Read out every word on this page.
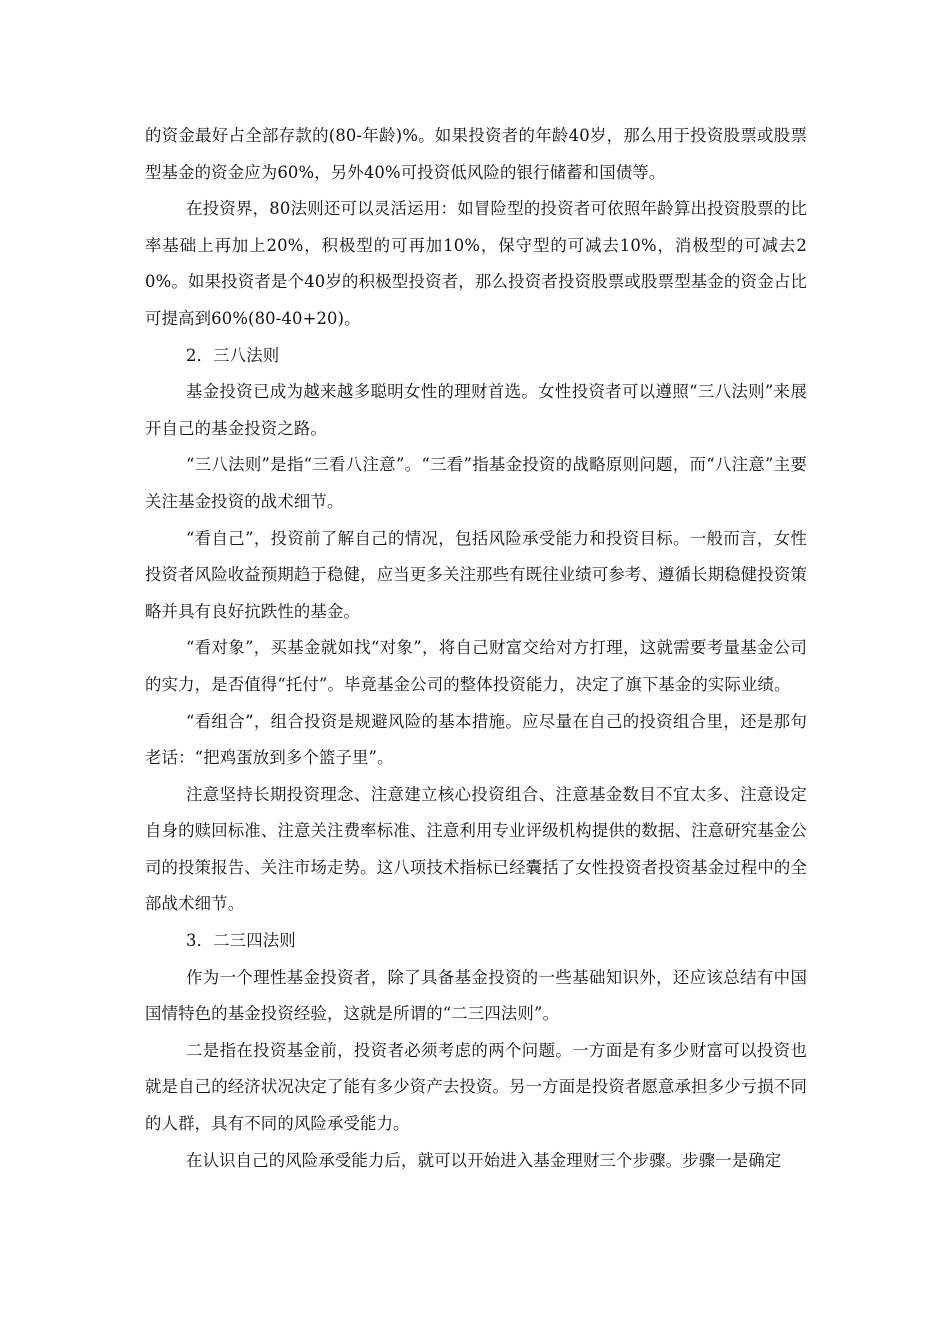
的资金最好占全部存款的(80-年龄)%。如果投资者的年龄40岁，那么用于投资股票或股票型基金的资金应为60%，另外40%可投资低风险的银行储蓄和国债等。

在投资界，80法则还可以灵活运用：如冒险型的投资者可依照年龄算出投资股票的比率基础上再加上20%，积极型的可再加10%，保守型的可减去10%，消极型的可减去20%。如果投资者是个40岁的积极型投资者，那么投资者投资股票或股票型基金的资金占比可提高到60%(80-40+20)。

2．三八法则

基金投资已成为越来越多聪明女性的理财首选。女性投资者可以遵照“三八法则”来展开自己的基金投资之路。

“三八法则”是指“三看八注意”。“三看”指基金投资的战略原则问题，而“八注意”主要关注基金投资的战术细节。

“看自己”，投资前了解自己的情况，包括风险承受能力和投资目标。一般而言，女性投资者风险收益预期趋于稳健，应当更多关注那些有既往业绩可参考、遵循长期稳健投资策略并具有良好抗跌性的基金。

“看对象”，买基金就如找“对象”，将自己财富交给对方打理，这就需要考量基金公司的实力，是否值得“托付”。毕竟基金公司的整体投资能力，决定了旗下基金的实际业绩。

“看组合”，组合投资是规避风险的基本措施。应尽量在自己的投资组合里，还是那句老话：“把鸡蛋放到多个篮子里”。

注意坚持长期投资理念、注意建立核心投资组合、注意基金数目不宜太多、注意设定自身的赎回标准、注意关注费率标准、注意利用专业评级机构提供的数据、注意研究基金公司的投策报告、关注市场走势。这八项技术指标已经囊括了女性投资者投资基金过程中的全部战术细节。

3．二三四法则

作为一个理性基金投资者，除了具备基金投资的一些基础知识外，还应该总结有中国国情特色的基金投资经验，这就是所谓的“二三四法则”。

二是指在投资基金前，投资者必须考虑的两个问题。一方面是有多少财富可以投资也就是自己的经济状况决定了能有多少资产去投资。另一方面是投资者愿意承担多少亏损不同的人群，具有不同的风险承受能力。

在认识自己的风险承受能力后，就可以开始进入基金理财三个步骤。步骤一是确定
